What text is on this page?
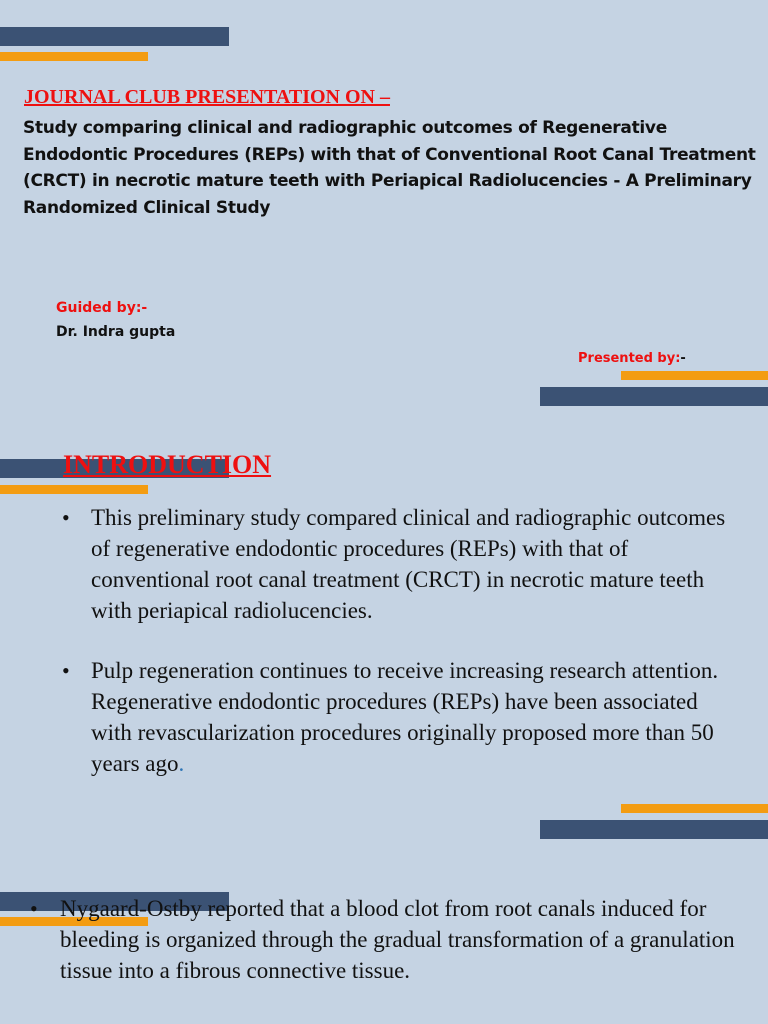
JOURNAL CLUB PRESENTATION ON –
Study comparing clinical and radiographic outcomes of Regenerative Endodontic Procedures (REPs) with that of Conventional Root Canal Treatment (CRCT) in necrotic mature teeth with Periapical Radiolucencies - A Preliminary Randomized Clinical Study
Guided by:-
Dr. Indra gupta
Presented by:-
INTRODUCTION
• This preliminary study compared clinical and radiographic outcomes of regenerative endodontic procedures (REPs) with that of conventional root canal treatment (CRCT) in necrotic mature teeth with periapical radiolucencies.
• Pulp regeneration continues to receive increasing research attention. Regenerative endodontic procedures (REPs) have been associated with revascularization procedures originally proposed more than 50 years ago.
• Nygaard-Ostby reported that a blood clot from root canals induced for bleeding is organized through the gradual transformation of a granulation tissue into a fibrous connective tissue.
